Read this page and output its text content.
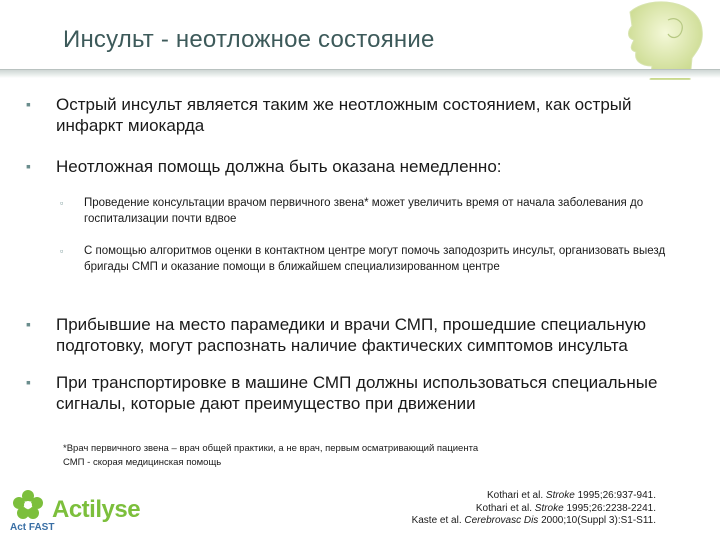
Инсульт - неотложное состояние
▪ Острый инсульт является таким же неотложным состоянием, как острый инфаркт миокарда
▪ Неотложная помощь должна быть оказана немедленно:
▫ Проведение консультации врачом первичного звена* может увеличить время от начала заболевания до госпитализации почти вдвое
▫ С помощью алгоритмов оценки в контактном центре могут помочь заподозрить инсульт, организовать выезд бригады СМП и оказание помощи в ближайшем специализированном центре
▪ Прибывшие на место парамедики и врачи СМП, прошедшие специальную подготовку, могут распознать наличие фактических симптомов инсульта
▪ При транспортировке в машине СМП должны использоваться специальные сигналы, которые дают преимущество при движении
*Врач первичного звена – врач общей практики, а не врач, первым осматривающий пациента
СМП - скорая медицинская помощь
Actilyse
Act FAST
Kothari et al. Stroke 1995;26:937-941.
Kothari et al. Stroke 1995;26:2238-2241.
Kaste et al. Cerebrovasc Dis 2000;10(Suppl 3):S1-S11.
